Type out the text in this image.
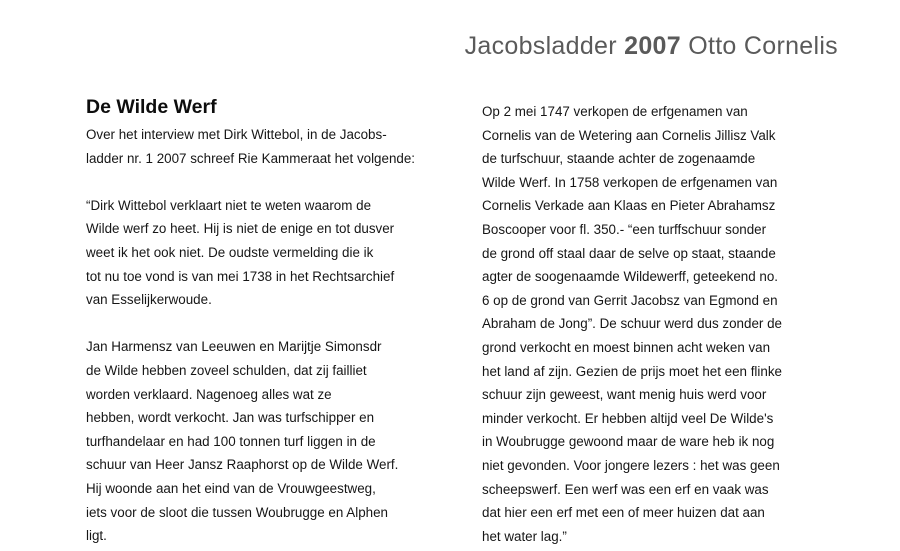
Jacobsladder 2007 Otto Cornelis
De Wilde Werf
Over het interview met Dirk Wittebol, in de Jacobs-
ladder nr. 1 2007 schreef Rie Kammeraat het volgende:
“Dirk Wittebol verklaart niet te weten waarom de
Wilde werf zo heet. Hij is niet de enige en tot dusver
weet ik het ook niet. De oudste vermelding die ik
tot nu toe vond is van mei 1738 in het Rechtsarchief
van Esselijkerwoude.
Jan Harmensz van Leeuwen en Marijtje Simonsdr
de Wilde hebben zoveel schulden, dat zij failliet
worden verklaard. Nagenoeg alles wat ze
hebben, wordt verkocht. Jan was turfschipper en
turfhandelaar en had 100 tonnen turf liggen in de
schuur van Heer Jansz Raaphorst op de Wilde Werf.
Hij woonde aan het eind van de Vrouwgeestweg,
iets voor de sloot die tussen Woubrugge en Alphen
ligt.
Op 2 mei 1747 verkopen de erfgenamen van
Cornelis van de Wetering aan Cornelis Jillisz Valk
de turfschuur, staande achter de zogenaamde
Wilde Werf. In 1758 verkopen de erfgenamen van
Cornelis Verkade aan Klaas en Pieter Abrahamsz
Boscooper voor fl. 350.- “een turffschuur sonder
de grond off staal daar de selve op staat, staande
agter de soogenaamde Wildewerff, geteekend no.
6 op de grond van Gerrit Jacobsz van Egmond en
Abraham de Jong”. De schuur werd dus zonder de
grond verkocht en moest binnen acht weken van
het land af zijn. Gezien de prijs moet het een flinke
schuur zijn geweest, want menig huis werd voor
minder verkocht. Er hebben altijd veel De Wilde's
in Woubrugge gewoond maar de ware heb ik nog
niet gevonden. Voor jongere lezers : het was geen
scheepswerf. Een werf was een erf en vaak was
dat hier een erf met een of meer huizen dat aan
het water lag.”
